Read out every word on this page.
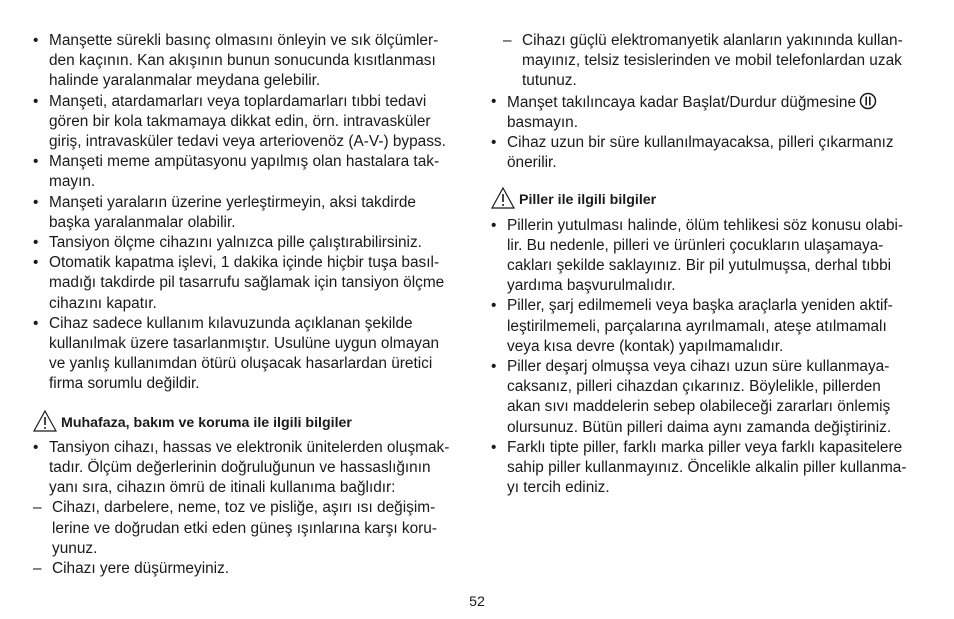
• Manşette sürekli basınç olmasını önleyin ve sık ölçümler-
den kaçının. Kan akışının bunun sonucunda kısıtlanması
halinde yaralanmalar meydana gelebilir.
• Manşeti, atardamarları veya toplardamarları tıbbi tedavi
gören bir kola takmamaya dikkat edin, örn. intravasküler
giriş, intravasküler tedavi veya arteriovenöz (A-V-) bypass.
• Manşeti meme ampütasyonu yapılmış olan hastalara tak-
mayın.
• Manşeti yaraların üzerine yerleştirmeyin, aksi takdirde
başka yaralanmalar olabilir.
• Tansiyon ölçme cihazını yalnızca pille çalıştırabilirsiniz.
• Otomatik kapatma işlevi, 1 dakika içinde hiçbir tuşa basıl-
madığı takdirde pil tasarrufu sağlamak için tansiyon ölçme
cihazını kapatır.
• Cihaz sadece kullanım kılavuzunda açıklanan şekilde
kullanılmak üzere tasarlanmıştır. Usulüne uygun olmayan
ve yanlış kullanımdan ötürü oluşacak hasarlardan üretici
firma sorumlu değildir.
Muhafaza, bakım ve koruma ile ilgili bilgiler
• Tansiyon cihazı, hassas ve elektronik ünitelerden oluşmak-
tadır. Ölçüm değerlerinin doğruluğunun ve hassaslığının
yanı sıra, cihazın ömrü de itinali kullanıma bağlıdır:
– Cihazı, darbelere, neme, toz ve pisliğe, aşırı ısı değişim-
lerine ve doğrudan etki eden güneş ışınlarına karşı koru-
yunuz.
– Cihazı yere düşürmeyiniz.
– Cihazı güçlü elektromanyetik alanların yakınında kullan-
mayınız, telsiz tesislerinden ve mobil telefonlardan uzak
tutunuz.
• Manşet takılıncaya kadar Başlat/Durdur düğmesine
basmayın.
• Cihaz uzun bir süre kullanılmayacaksa, pilleri çıkarmanız
önerilir.
Piller ile ilgili bilgiler
• Pillerin yutulması halinde, ölüm tehlikesi söz konusu olabi-
lir. Bu nedenle, pilleri ve ürünleri çocukların ulaşamaya-
cakları şekilde saklayınız. Bir pil yutulmuşsa, derhal tıbbi
yardıma başvurulmalıdır.
• Piller, şarj edilmemeli veya başka araçlarla yeniden aktif-
leştirilmemeli, parçalarına ayrılmamalı, ateşe atılmamalı
veya kısa devre (kontak) yapılmamalıdır.
• Piller deşarj olmuşsa veya cihazı uzun süre kullanmaya-
caksanız, pilleri cihazdan çıkarınız. Böylelikle, pillerden
akan sıvı maddelerin sebep olabileceği zararları önlemiş
olursunuz. Bütün pilleri daima aynı zamanda değiştiriniz.
• Farklı tipte piller, farklı marka piller veya farklı kapasitelere
sahip piller kullanmayınız. Öncelikle alkalin piller kullanma-
yı tercih ediniz.
52
